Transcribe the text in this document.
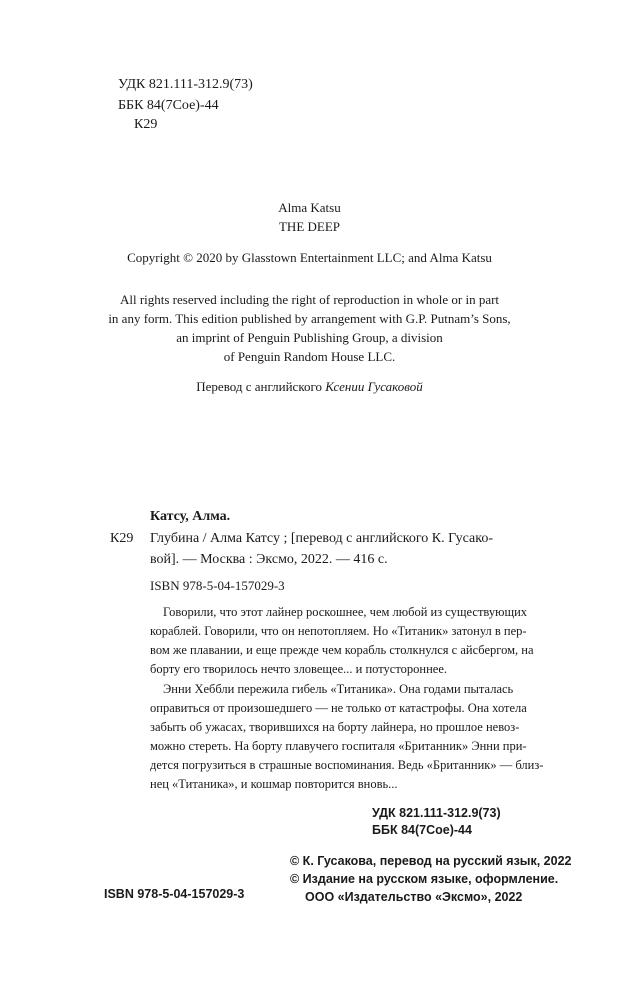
УДК 821.111-312.9(73)
ББК 84(7Сое)-44
К29
Alma Katsu
THE DEEP
Copyright © 2020 by Glasstown Entertainment LLC; and Alma Katsu
All rights reserved including the right of reproduction in whole or in part
in any form. This edition published by arrangement with G.P. Putnam’s Sons,
an imprint of Penguin Publishing Group, a division
of Penguin Random House LLC.
Перевод с английского Ксении Гусаковой
Катсу, Алма.
К29 Глубина / Алма Катсу ; [перевод с английского К. Гусако-
вой]. — Москва : Эксмо, 2022. — 416 с.
ISBN 978-5-04-157029-3
Говорили, что этот лайнер роскошнее, чем любой из существующих
кораблей. Говорили, что он непотопляем. Но «Титаник» затонул в пер-
вом же плавании, и еще прежде чем корабль столкнулся с айсбергом, на
борту его творилось нечто зловещее... и потустороннее.
Энни Хеббли пережила гибель «Титаника». Она годами пыталась
оправиться от произошедшего — не только от катастрофы. Она хотела
забыть об ужасах, творившихся на борту лайнера, но прошлое невоз-
можно стереть. На борту плавучего госпиталя «Британник» Энни при-
дется погрузиться в страшные воспоминания. Ведь «Британник» — близ-
нец «Титаника», и кошмар повторится вновь...
УДК 821.111-312.9(73)
ББК 84(7Сое)-44
© К. Гусакова, перевод на русский язык, 2022
© Издание на русском языке, оформление.
ISBN 978-5-04-157029-3	ООО «Издательство «Эксмо», 2022
